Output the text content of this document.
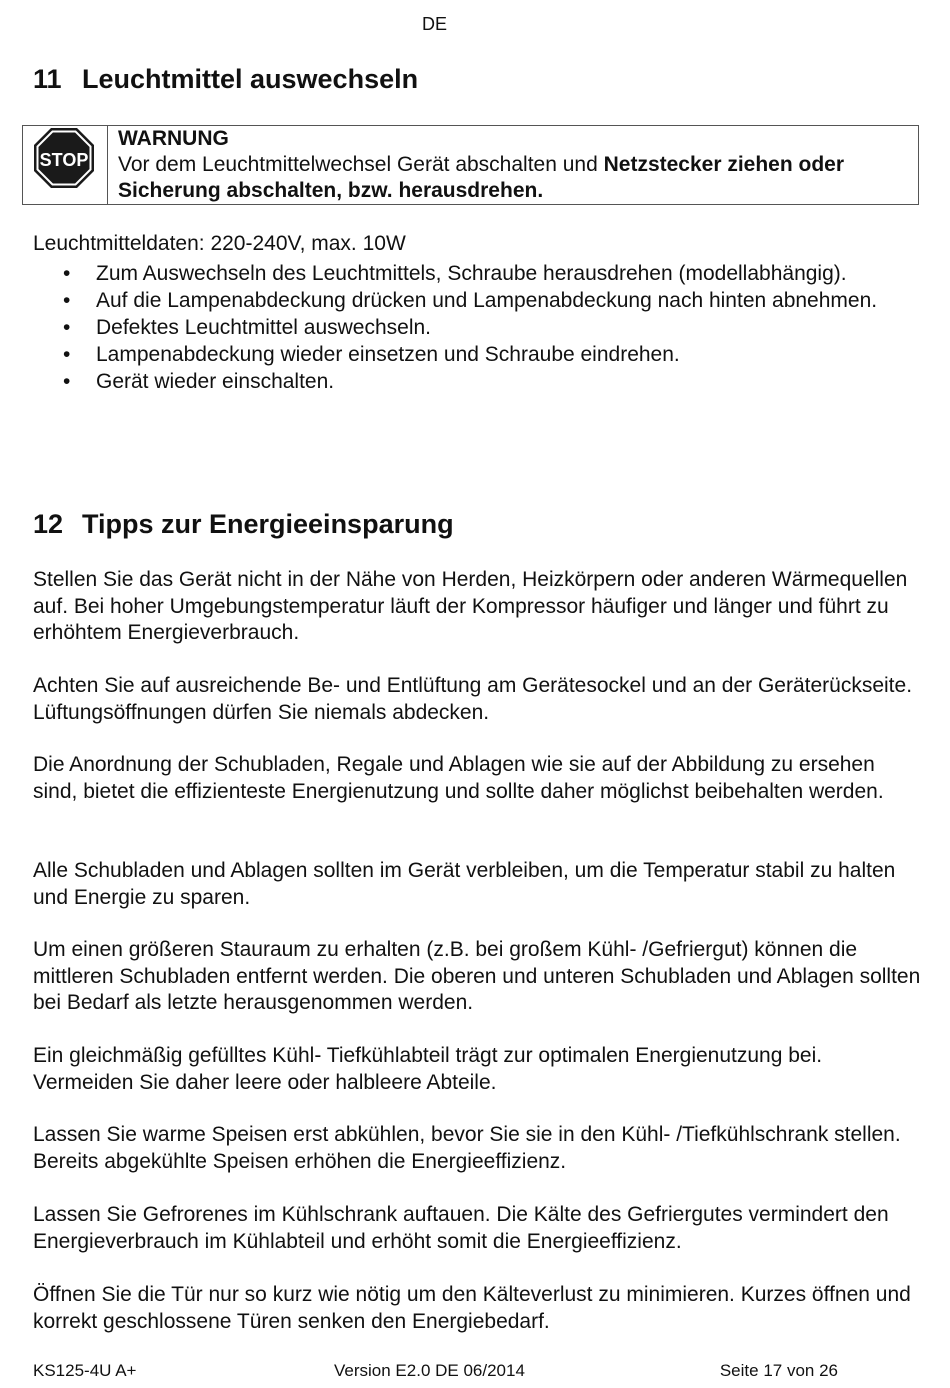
DE
11 Leuchtmittel auswechseln
STOP
WARNUNG
Vor dem Leuchtmittelwechsel Gerät abschalten und Netzstecker ziehen oder Sicherung abschalten, bzw. herausdrehen.

Leuchtmitteldaten: 220-240V, max. 10W

• Zum Auswechseln des Leuchtmittels, Schraube herausdrehen (modellabhängig).
• Auf die Lampenabdeckung drücken und Lampenabdeckung nach hinten abnehmen.
• Defektes Leuchtmittel auswechseln.
• Lampenabdeckung wieder einsetzen und Schraube eindrehen.
• Gerät wieder einschalten.
12 Tipps zur Energieeinsparung

Stellen Sie das Gerät nicht in der Nähe von Herden, Heizkörpern oder anderen Wärmequellen auf. Bei hoher Umgebungstemperatur läuft der Kompressor häufiger und länger und führt zu erhöhtem Energieverbrauch.

Achten Sie auf ausreichende Be- und Entlüftung am Gerätesockel und an der Geräterückseite. Lüftungsöffnungen dürfen Sie niemals abdecken.

Die Anordnung der Schubladen, Regale und Ablagen wie sie auf der Abbildung zu ersehen sind, bietet die effizienteste Energienutzung und sollte daher möglichst beibehalten werden.

Alle Schubladen und Ablagen sollten im Gerät verbleiben, um die Temperatur stabil zu halten und Energie zu sparen.

Um einen größeren Stauraum zu erhalten (z.B. bei großem Kühl- /Gefriergut) können die mittleren Schubladen entfernt werden. Die oberen und unteren Schubladen und Ablagen sollten bei Bedarf als letzte herausgenommen werden.

Ein gleichmäßig gefülltes Kühl- Tiefkühlabteil trägt zur optimalen Energienutzung bei. Vermeiden Sie daher leere oder halbleere Abteile.

Lassen Sie warme Speisen erst abkühlen, bevor Sie sie in den Kühl- /Tiefkühlschrank stellen. Bereits abgekühlte Speisen erhöhen die Energieeffizienz.

Lassen Sie Gefrorenes im Kühlschrank auftauen. Die Kälte des Gefriergutes vermindert den Energieverbrauch im Kühlabteil und erhöht somit die Energieeffizienz.

Öffnen Sie die Tür nur so kurz wie nötig um den Kälteverlust zu minimieren. Kurzes öffnen und korrekt geschlossene Türen senken den Energiebedarf.

KS125-4U A+	Version E2.0 DE 06/2014	Seite 17 von 26
